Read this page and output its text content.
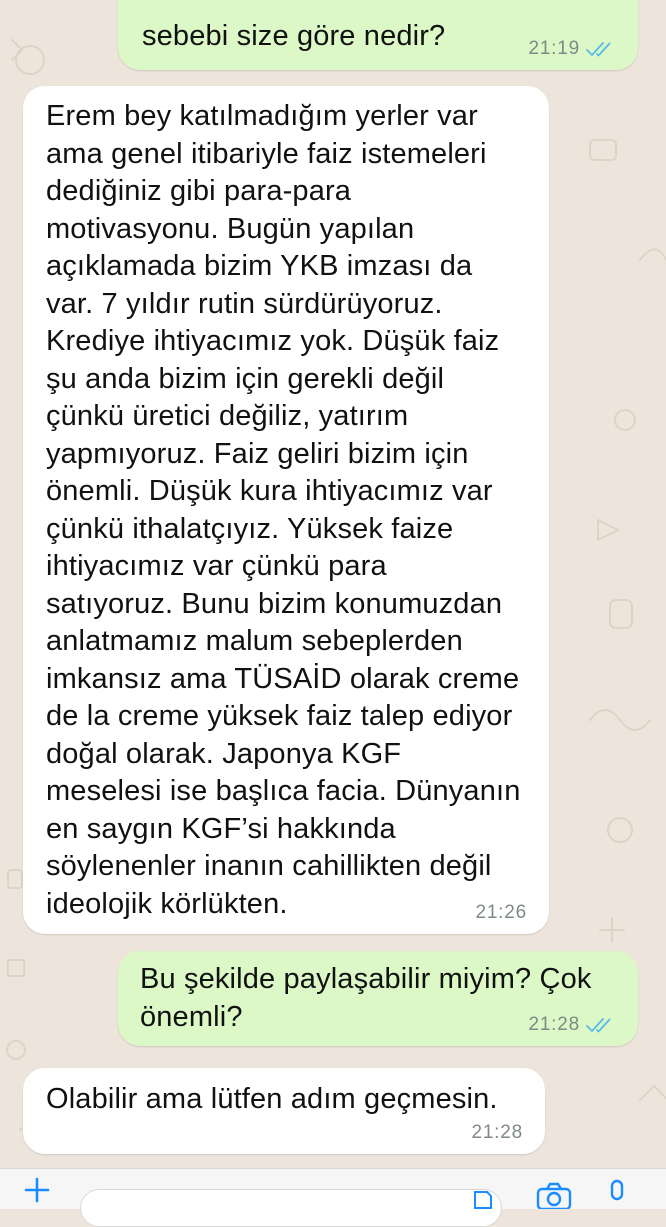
sebebi size göre nedir?	21:19
Erem bey katılmadığım yerler var
ama genel itibariyle faiz istemeleri
dediğiniz gibi para-para
motivasyonu. Bugün yapılan
açıklamada bizim YKB imzası da
var. 7 yıldır rutin sürdürüyoruz.
Krediye ihtiyacımız yok. Düşük faiz
şu anda bizim için gerekli değil
çünkü üretici değiliz, yatırım
yapmıyoruz. Faiz geliri bizim için
önemli. Düşük kura ihtiyacımız var
çünkü ithalatçıyız. Yüksek faize
ihtiyacımız var çünkü para
satıyoruz. Bunu bizim konumuzdan
anlatmamız malum sebeplerden
imkansız ama TÜSAİD olarak creme
de la creme yüksek faiz talep ediyor
doğal olarak. Japonya KGF
meselesi ise başlıca facia. Dünyanın
en saygın KGF’si hakkında
söylenenler inanın cahillikten değil
ideolojik körlükten.	21:26
Bu şekilde paylaşabilir miyim? Çok
önemli?	21:28
Olabilir ama lütfen adım geçmesin.
21:28
